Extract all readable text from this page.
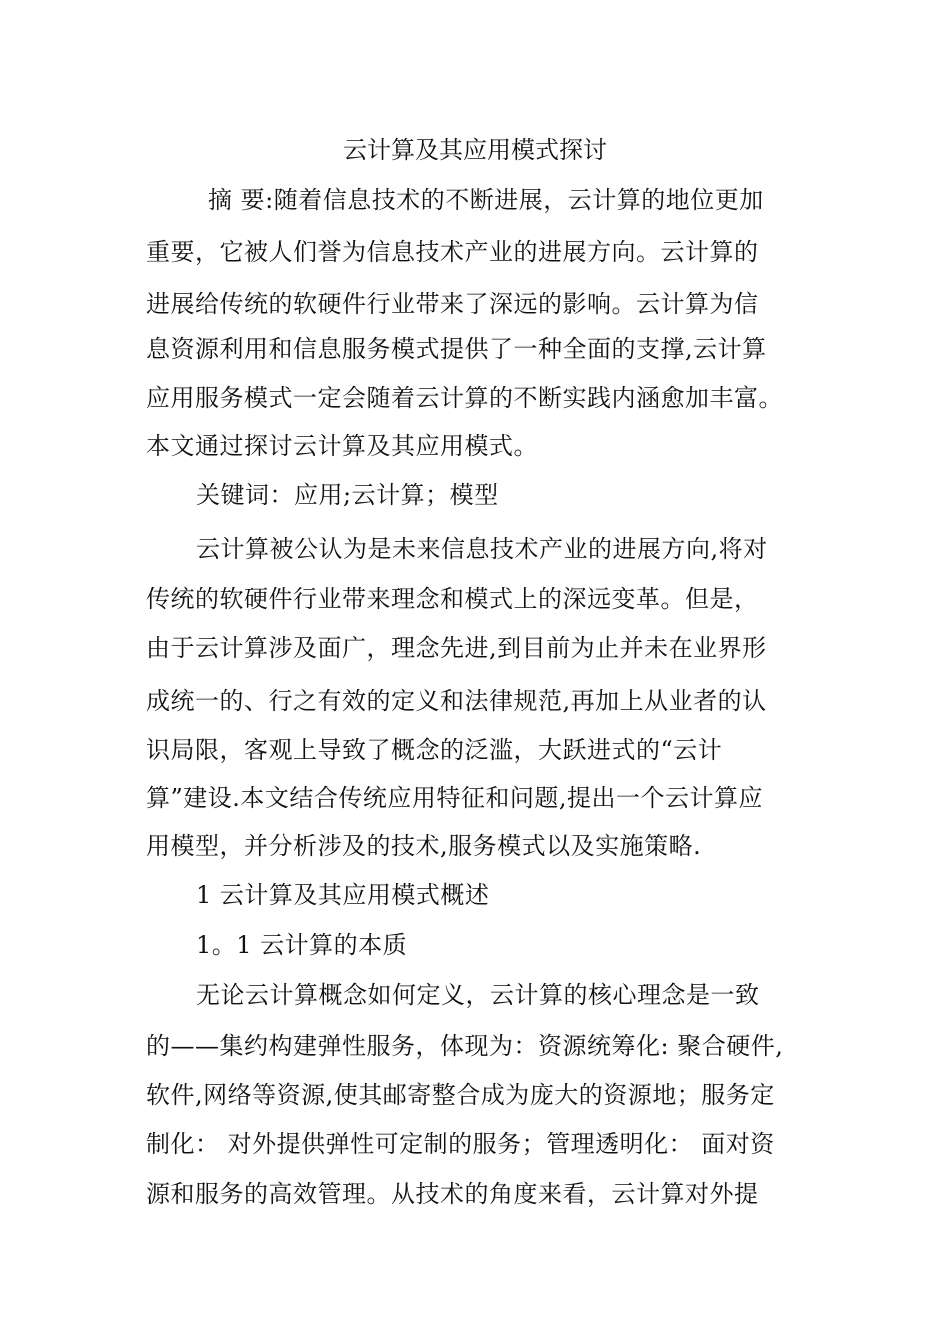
云计算及其应用模式探讨
摘 要:随着信息技术的不断进展，云计算的地位更加
重要，它被人们誉为信息技术产业的进展方向。云计算的
进展给传统的软硬件行业带来了深远的影响。云计算为信
息资源利用和信息服务模式提供了一种全面的支撑,云计算
应用服务模式一定会随着云计算的不断实践内涵愈加丰富。
本文通过探讨云计算及其应用模式。
关键词：应用;云计算；模型
云计算被公认为是未来信息技术产业的进展方向,将对
传统的软硬件行业带来理念和模式上的深远变革。但是，
由于云计算涉及面广，理念先进,到目前为止并未在业界形
成统一的、行之有效的定义和法律规范,再加上从业者的认
识局限，客观上导致了概念的泛滥，大跃进式的“云计
算”建设.本文结合传统应用特征和问题,提出一个云计算应
用模型，并分析涉及的技术,服务模式以及实施策略.
1 云计算及其应用模式概述
1。1 云计算的本质
无论云计算概念如何定义，云计算的核心理念是一致
的——集约构建弹性服务，体现为：资源统筹化: 聚合硬件,
软件,网络等资源,使其邮寄整合成为庞大的资源地；服务定
制化： 对外提供弹性可定制的服务；管理透明化： 面对资
源和服务的高效管理。从技术的角度来看，云计算对外提
